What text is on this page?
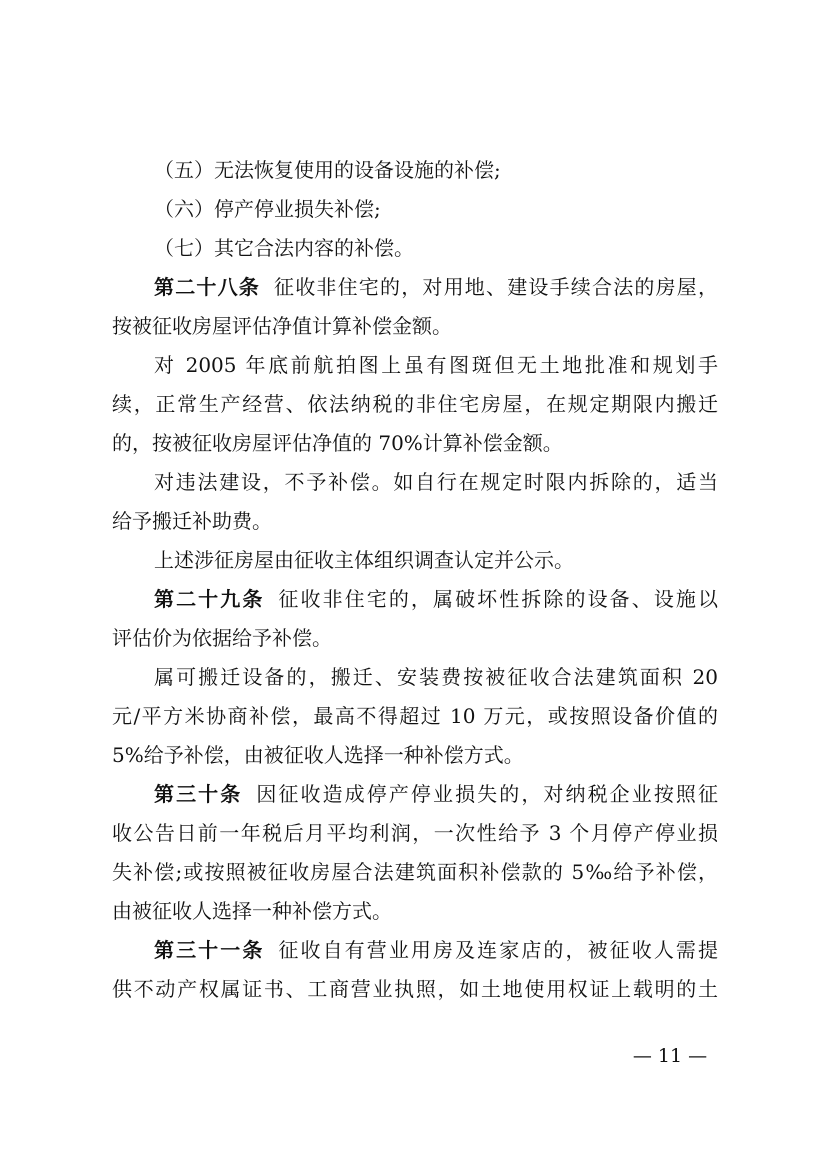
（五）无法恢复使用的设备设施的补偿;

（六）停产停业损失补偿;

（七）其它合法内容的补偿。

第二十八条 征收非住宅的，对用地、建设手续合法的房屋，

按被征收房屋评估净值计算补偿金额。

对 2005 年底前航拍图上虽有图斑但无土地批准和规划手

续，正常生产经营、依法纳税的非住宅房屋，在规定期限内搬迁

的，按被征收房屋评估净值的 70%计算补偿金额。

对违法建设，不予补偿。如自行在规定时限内拆除的，适当

给予搬迁补助费。

上述涉征房屋由征收主体组织调查认定并公示。

第二十九条 征收非住宅的，属破坏性拆除的设备、设施以

评估价为依据给予补偿。

属可搬迁设备的，搬迁、安装费按被征收合法建筑面积 20

元/平方米协商补偿，最高不得超过 10 万元，或按照设备价值的

5%给予补偿，由被征收人选择一种补偿方式。

第三十条 因征收造成停产停业损失的，对纳税企业按照征

收公告日前一年税后月平均利润，一次性给予 3 个月停产停业损

失补偿;或按照被征收房屋合法建筑面积补偿款的 5‰给予补偿，

由被征收人选择一种补偿方式。

第三十一条 征收自有营业用房及连家店的，被征收人需提

供不动产权属证书、工商营业执照，如土地使用权证上载明的土

— 11 —
